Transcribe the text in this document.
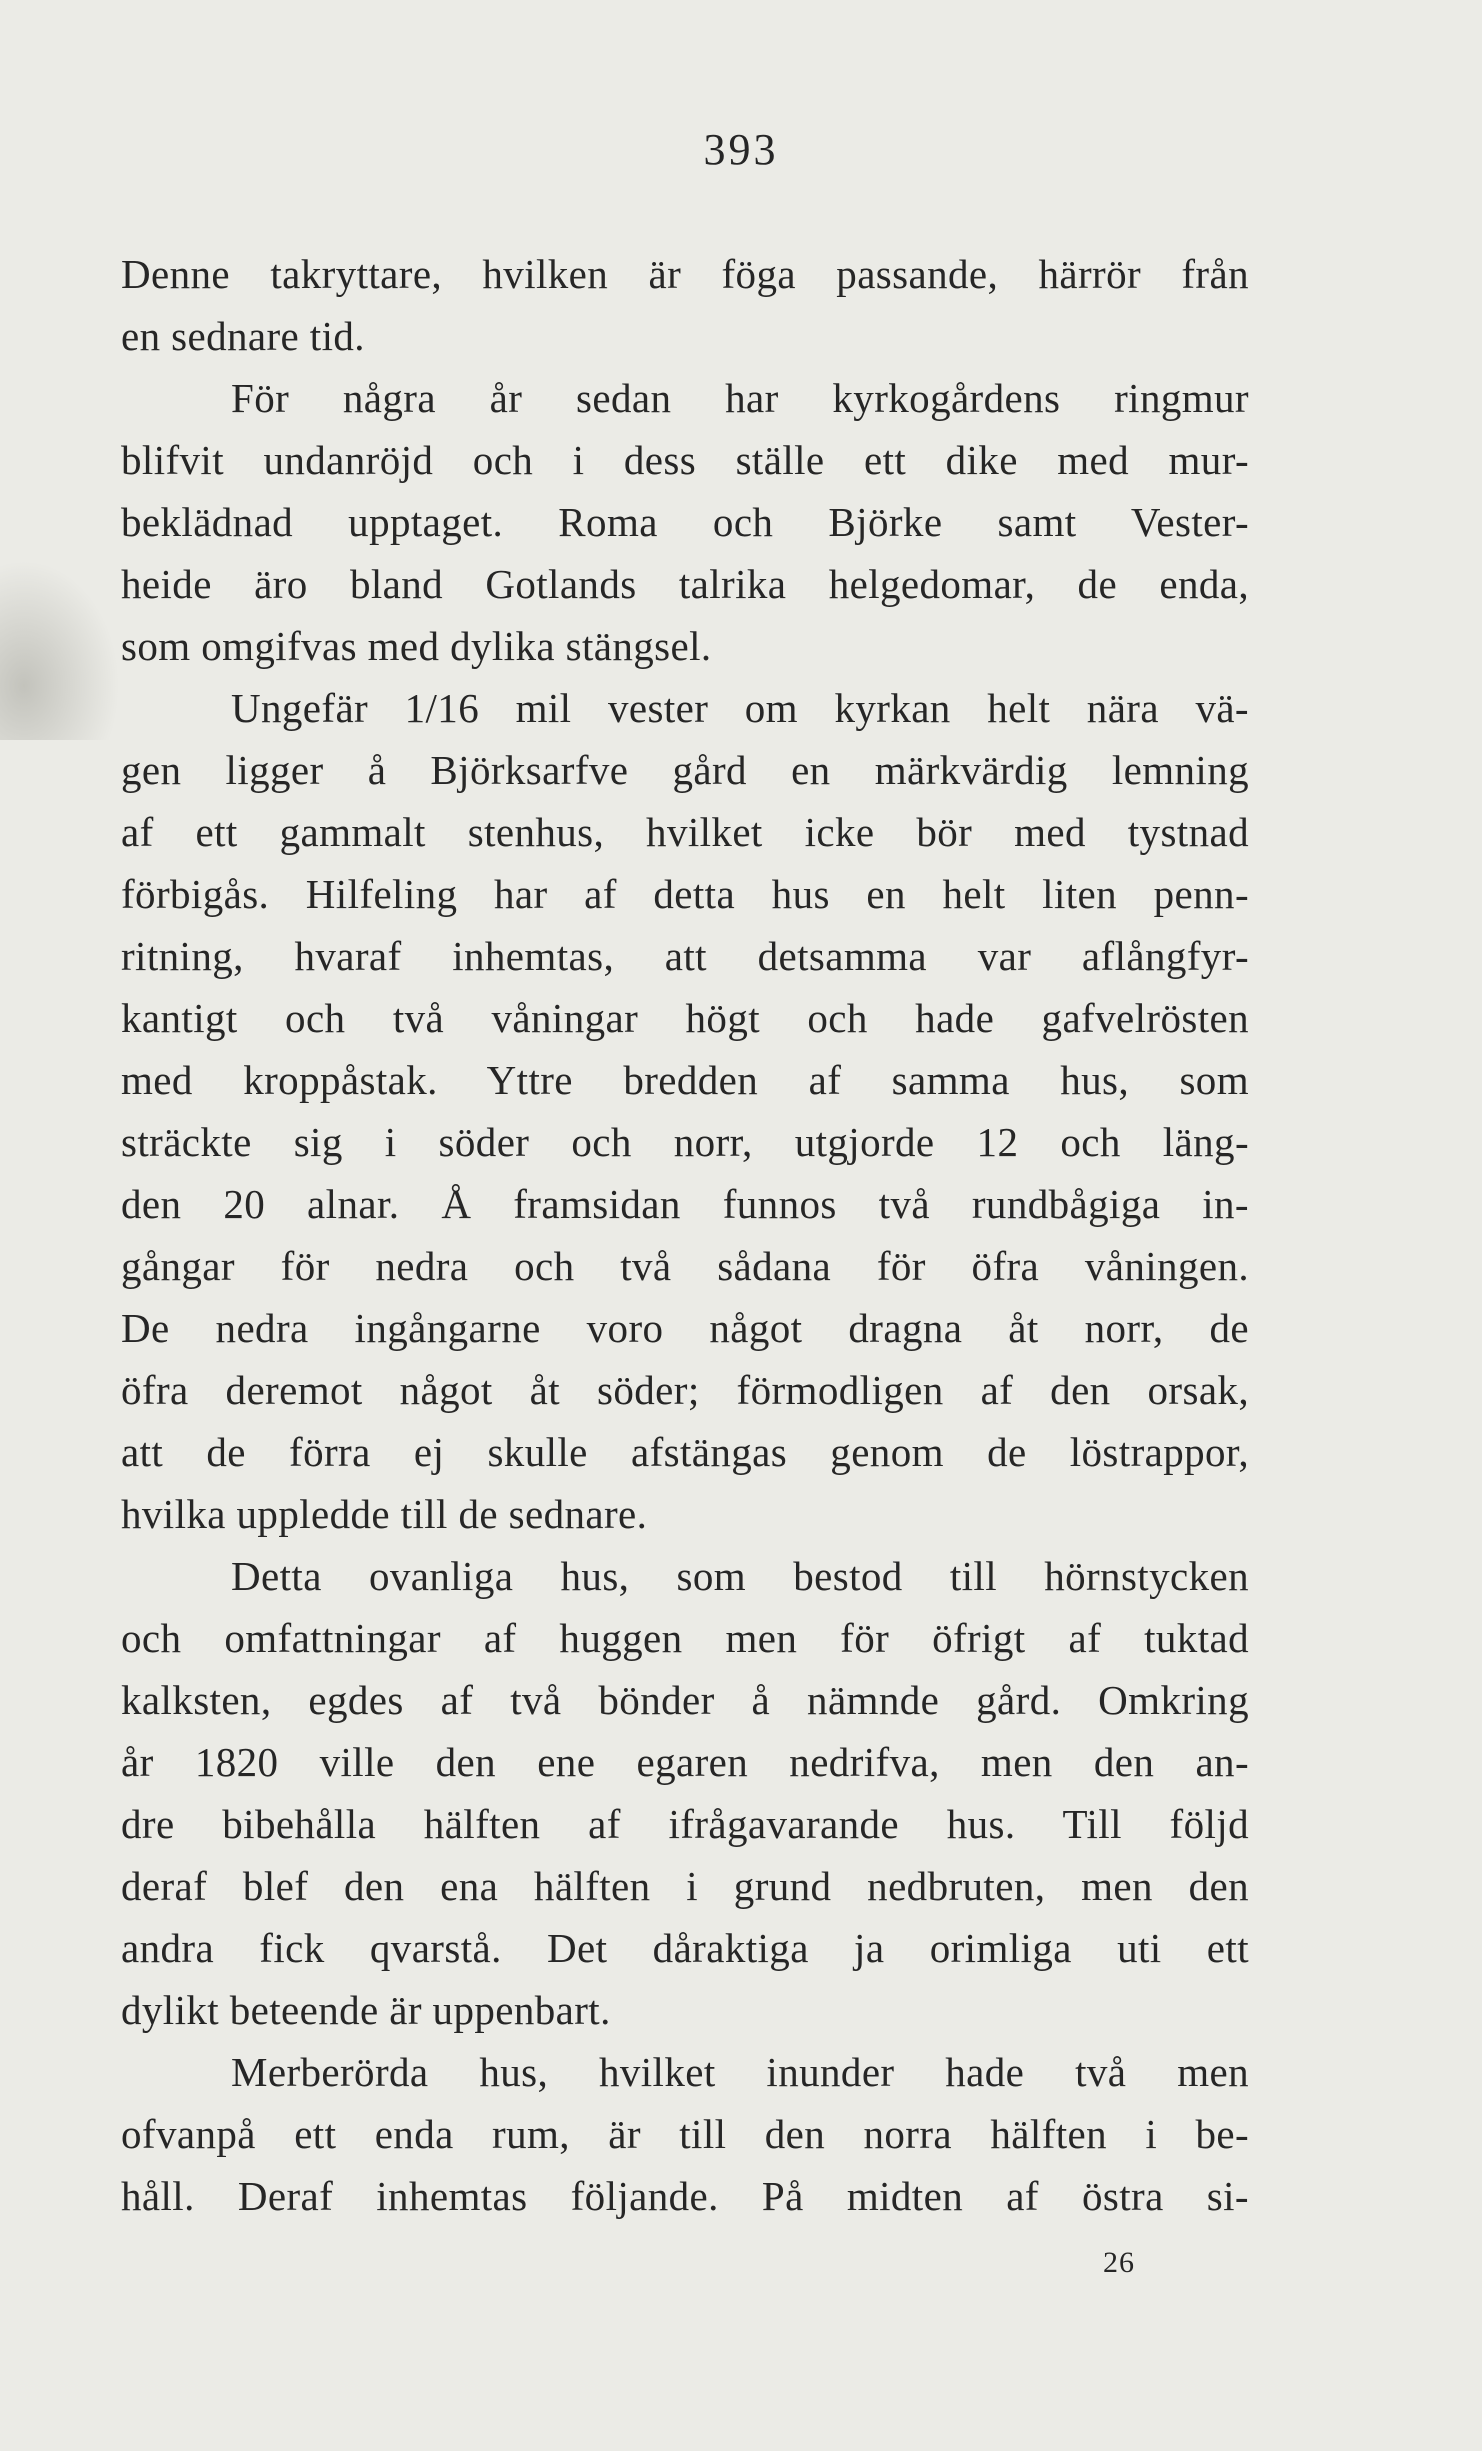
393
Denne takryttare, hvilken är föga passande, härrör från
en sednare tid.
För några år sedan har kyrkogårdens ringmur
blifvit undanröjd och i dess ställe ett dike med mur-
beklädnad upptaget. Roma och Björke samt Vester-
heide äro bland Gotlands talrika helgedomar, de enda,
som omgifvas med dylika stängsel.
Ungefär 1/16 mil vester om kyrkan helt nära vä-
gen ligger å Björksarfve gård en märkvärdig lemning
af ett gammalt stenhus, hvilket icke bör med tystnad
förbigås. Hilfeling har af detta hus en helt liten penn-
ritning, hvaraf inhemtas, att detsamma var aflångfyr-
kantigt och två våningar högt och hade gafvelrösten
med kroppåstak. Yttre bredden af samma hus, som
sträckte sig i söder och norr, utgjorde 12 och läng-
den 20 alnar. Å framsidan funnos två rundbågiga in-
gångar för nedra och två sådana för öfra våningen.
De nedra ingångarne voro något dragna åt norr, de
öfra deremot något åt söder; förmodligen af den orsak,
att de förra ej skulle afstängas genom de löstrappor,
hvilka uppledde till de sednare.
Detta ovanliga hus, som bestod till hörnstycken
och omfattningar af huggen men för öfrigt af tuktad
kalksten, egdes af två bönder å nämnde gård. Omkring
år 1820 ville den ene egaren nedrifva, men den an-
dre bibehålla hälften af ifrågavarande hus. Till följd
deraf blef den ena hälften i grund nedbruten, men den
andra fick qvarstå. Det dåraktiga ja orimliga uti ett
dylikt beteende är uppenbart.
Merberörda hus, hvilket inunder hade två men
ofvanpå ett enda rum, är till den norra hälften i be-
håll. Deraf inhemtas följande. På midten af östra si-
26
